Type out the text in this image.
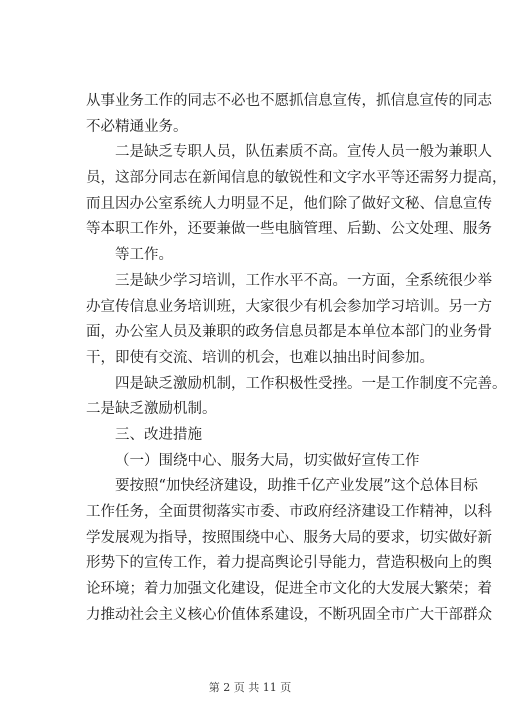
从事业务工作的同志不必也不愿抓信息宣传，抓信息宣传的同志
不必精通业务。
二是缺乏专职人员，队伍素质不高。宣传人员一般为兼职人
员，这部分同志在新闻信息的敏锐性和文字水平等还需努力提高，
而且因办公室系统人力明显不足，他们除了做好文秘、信息宣传
等本职工作外，还要兼做一些电脑管理、后勤、公文处理、服务
等工作。
三是缺少学习培训，工作水平不高。一方面，全系统很少举
办宣传信息业务培训班，大家很少有机会参加学习培训。另一方
面，办公室人员及兼职的政务信息员都是本单位本部门的业务骨
干，即使有交流、培训的机会，也难以抽出时间参加。
四是缺乏激励机制，工作积极性受挫。一是工作制度不完善。
二是缺乏激励机制。
三、改进措施
（一）围绕中心、服务大局，切实做好宣传工作
要按照“加快经济建设，助推千亿产业发展”这个总体目标
工作任务，全面贯彻落实市委、市政府经济建设工作精神，以科
学发展观为指导，按照围绕中心、服务大局的要求，切实做好新
形势下的宣传工作，着力提高舆论引导能力，营造积极向上的舆
论环境；着力加强文化建设，促进全市文化的大发展大繁荣；着
力推动社会主义核心价值体系建设，不断巩固全市广大干部群众
第 2 页 共 11 页
